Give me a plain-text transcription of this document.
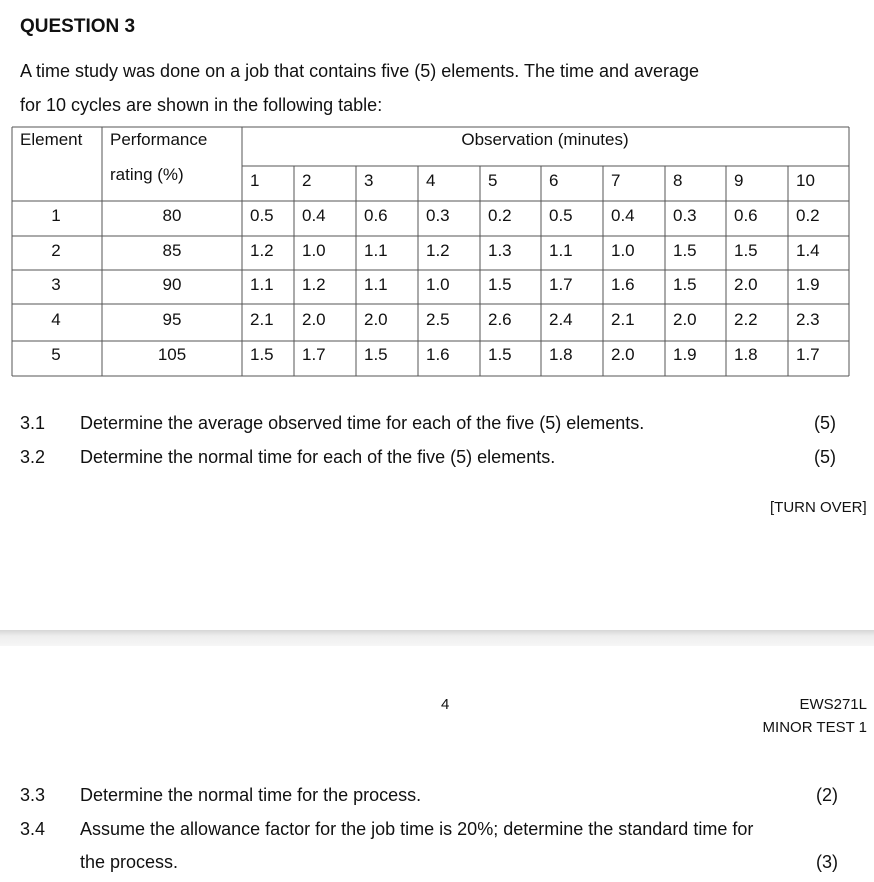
QUESTION 3
A time study was done on a job that contains five (5) elements. The time and average
for 10 cycles are shown in the following table:
Element Performance
rating (%)
Observation (minutes)
1	2	3	4	5	6	7	8	9	10
1	80	0.5 0.4 0.6 0.3 0.2 0.5 0.4 0.3 0.6 0.2
2	85	1.2 1.0 1.1 1.2 1.3 1.1 1.0 1.5 1.5 1.4
3	90	1.1 1.2 1.1 1.0 1.5 1.7 1.6 1.5 2.0 1.9
4	95	2.1 2.0 2.0 2.5 2.6 2.4 2.1 2.0 2.2 2.3
5	105	1.5 1.7 1.5 1.6 1.5 1.8 2.0 1.9 1.8 1.7
3.1 Determine the average observed time for each of the five (5) elements.	(5)
3.2 Determine the normal time for each of the five (5) elements.	(5)
[TURN OVER]
4	EWS271L
MINOR TEST 1
3.3 Determine the normal time for the process.	(2)
3.4 Assume the allowance factor for the job time is 20%; determine the standard time for
the process.	(3)
